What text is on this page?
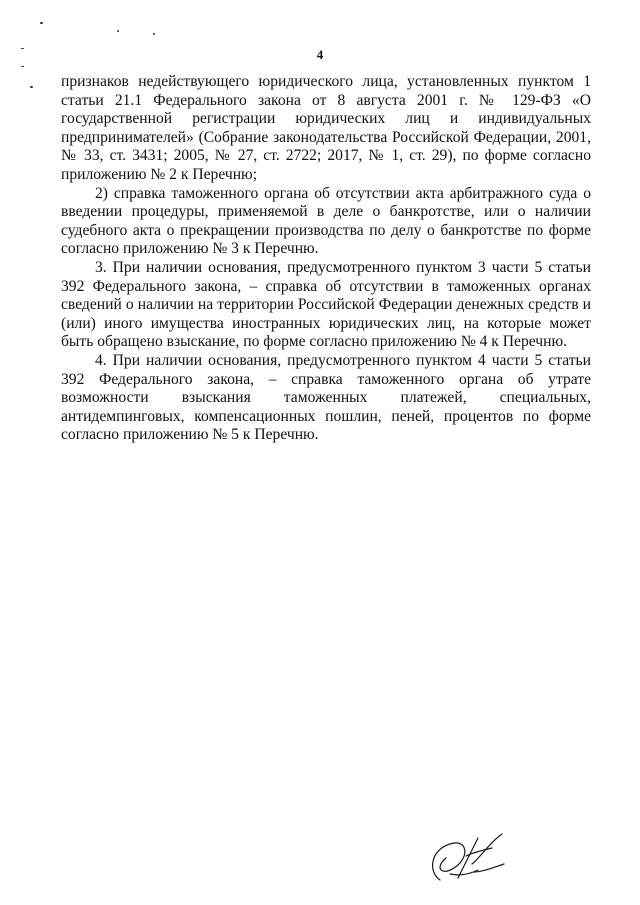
4

признаков недействующего юридического лица, установленных пунктом 1 статьи 21.1 Федерального закона от 8 августа 2001 г. № 129-ФЗ «О государственной регистрации юридических лиц и индивидуальных предпринимателей» (Собрание законодательства Российской Федерации, 2001, № 33, ст. 3431; 2005, № 27, ст. 2722; 2017, № 1, ст. 29), по форме согласно приложению № 2 к Перечню;

2) справка таможенного органа об отсутствии акта арбитражного суда о введении процедуры, применяемой в деле о банкротстве, или о наличии судебного акта о прекращении производства по делу о банкротстве по форме согласно приложению № 3 к Перечню.

3. При наличии основания, предусмотренного пунктом 3 части 5 статьи 392 Федерального закона, – справка об отсутствии в таможенных органах сведений о наличии на территории Российской Федерации денежных средств и (или) иного имущества иностранных юридических лиц, на которые может быть обращено взыскание, по форме согласно приложению № 4 к Перечню.

4. При наличии основания, предусмотренного пунктом 4 части 5 статьи 392 Федерального закона, – справка таможенного органа об утрате возможности взыскания таможенных платежей, специальных, антидемпинговых, компенсационных пошлин, пеней, процентов по форме согласно приложению № 5 к Перечню.
